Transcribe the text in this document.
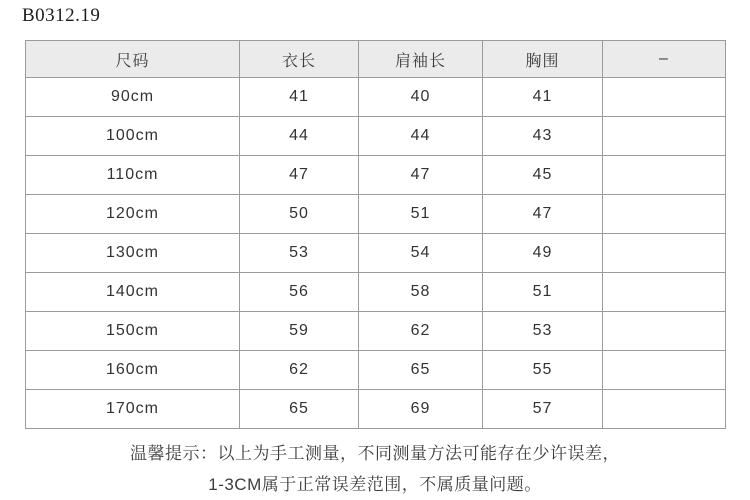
B0312.19
尺码	衣长	肩袖长	胸围	–
90cm	41	40	41	
100cm	44	44	43	
110cm	47	47	45	
120cm	50	51	47	
130cm	53	54	49	
140cm	56	58	51	
150cm	59	62	53	
160cm	62	65	55	
170cm	65	69	57	
温馨提示：以上为手工测量，不同测量方法可能存在少许误差，
1-3CM属于正常误差范围，不属质量问题。
